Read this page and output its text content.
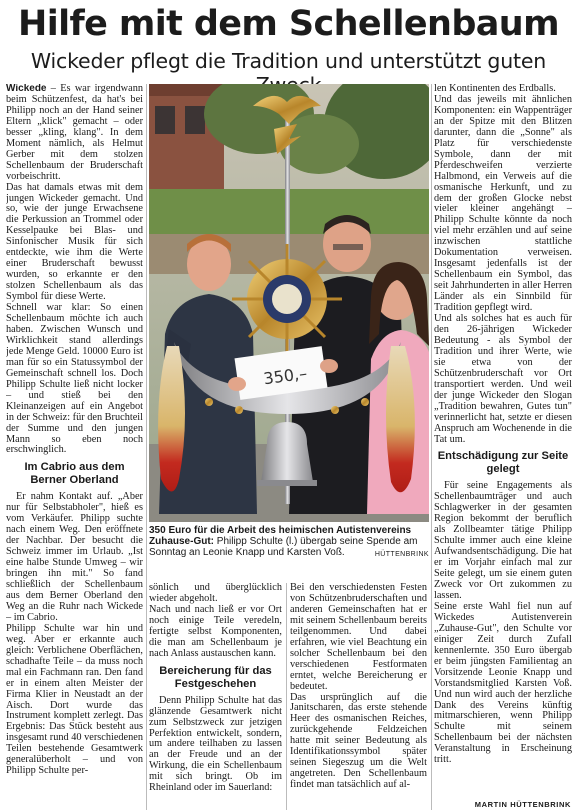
Hilfe mit dem Schellenbaum
Wickeder pflegt die Tradition und unterstützt guten

Wickede – Es war irgendwann beim Schützenfest, da hat's bei Philipp noch an der Hand seiner Eltern „klick" gemacht – oder besser „kling, klang". In dem Moment nämlich, als Helmut Gerber mit dem stolzen Schellenbaum der Bruderschaft vorbeischritt.

Das hat damals etwas mit dem jungen Wickeder gemacht. Und so, wie der junge Erwachsene die Perkussion an Trommel oder Kesselpauke bei Blas- und Sinfonischer Musik für sich entdeckte, wie ihm die Werte einer Bruderschaft bewusst wurden, so erkannte er den stolzen Schellenbaum als das Symbol für diese Werte.

Schnell war klar: So einen Schellenbaum möchte ich auch haben. Zwischen Wunsch und Wirklichkeit stand allerdings jede Menge Geld. 10000 Euro ist man für so ein Statussymbol der Gemeinschaft schnell los. Doch Philipp Schulte ließ nicht locker – und stieß bei den Kleinanzeigen auf ein Angebot in der Schweiz: für den Bruchteil der Summe und den jungen Mann so eben noch erschwinglich.

Im Cabrio aus dem Berner Oberland

Er nahm Kontakt auf. „Aber nur für Selbstabholer", hieß es vom Verkäufer. Philipp suchte nach einem Weg. Den eröffnete der Nachbar. Der besucht die Schweiz immer im Urlaub. „Ist eine halbe Stunde Umweg – wir bringen ihn mit." So fand schließlich der Schellenbaum aus dem Berner Oberland den Weg an die Ruhr nach Wickede – im Cabrio.

Philipp Schulte war hin und weg. Aber er erkannte auch gleich: Verblichene Oberflächen, schadhafte Teile – da muss noch mal ein Fachmann ran. Den fand er in einem alten Meister der Firma Klier in Neustadt an der Aisch. Dort wurde das Instrument komplett zerlegt. Das Ergebnis: Das Stück besteht aus insgesamt rund 40 verschiedenen Teilen bestehende Gesamtwerk generalüberholt – und von Philipp Schulte per-

350,–
350 Euro für die Arbeit des heimischen Autistenvereins Zuhause-Gut: Philipp Schulte (l.) übergab seine Spende am Sonntag an Leonie Knapp und Karsten Voß.	HÜTTENBRINK

sönlich und überglücklich wieder abgeholt.

Nach und nach ließ er vor Ort noch einige Teile veredeln, fertigte selbst Komponenten, die man am Schellenbaum je nach Anlass austauschen kann.

Bereicherung für das Festgeschehen

Denn Philipp Schulte hat das glänzende Gesamtwerk nicht zum Selbstzweck zur jetzigen Perfektion entwickelt, sondern, um andere teilhaben zu lassen an der Freude und an der Wirkung, die ein Schellenbaum mit sich bringt. Ob im Rheinland oder im Sauerland:

Bei den verschiedensten Festen von Schützenbruderschaften und anderen Gemeinschaften hat er mit seinem Schellenbaum bereits teilgenommen. Und dabei erfahren, wie viel Beachtung ein solcher Schellenbaum bei den verschiedenen Festformaten erntet, welche Bereicherung er bedeutet.

Das ursprünglich auf die Janitscharen, das erste stehende Heer des osmanischen Reiches, zurückgehende Feldzeichen hatte mit seiner Bedeutung als Identifikationssymbol später seinen Siegeszug um die Welt angetreten. Den Schellenbaum findet man tatsächlich auf al-

len Kontinenten des Erdballs.

Und das jeweils mit ähnlichen Komponenten: ein Wappenträger an der Spitze mit den Blitzen darunter, dann die „Sonne" als Platz für verschiedenste Symbole, dann der mit Pferdeschweifen verzierte Halbmond, ein Verweis auf die osmanische Herkunft, und zu dem der großen Glocke nebst vieler kleiner angehängt – Philipp Schulte könnte da noch viel mehr erzählen und auf seine inzwischen stattliche Dokumentation verweisen. Insgesamt jedenfalls ist der Schellenbaum ein Symbol, das seit Jahrhunderten in aller Herren Länder als ein Sinnbild für Tradition gepflegt wird.

Und als solches hat es auch für den 26-jährigen Wickeder Bedeutung - als Symbol der Tradition und ihrer Werte, wie sie etwa von der Schützenbruderschaft vor Ort transportiert werden. Und weil der junge Wickeder den Slogan „Tradition bewahren, Gutes tun" verinnerlicht hat, setzte er diesen Anspruch am Wochenende in die Tat um.

Entschädigung zur Seite gelegt

Für seine Engagements als Schellenbaumträger und auch Schlagwerker in der gesamten Region bekommt der beruflich als Zollbeamter tätige Philipp Schulte immer auch eine kleine Aufwandsentschädigung. Die hat er im Vorjahr einfach mal zur Seite gelegt, um sie einem guten Zweck vor Ort zukommen zu lassen.

Seine erste Wahl fiel nun auf Wickedes Autistenverein „Zuhause-Gut", den Schulte vor einiger Zeit durch Zufall kennenlernte. 350 Euro übergab er beim jüngsten Familientag an Vorsitzende Leonie Knapp und Vorstandsmitglied Karsten Voß. Und nun wird auch der herzliche Dank des Vereins künftig mitmarschieren, wenn Philipp Schulte mit seinem Schellenbaum bei der nächsten Veranstaltung in Erscheinung tritt.

MARTIN HÜTTENBRINK
